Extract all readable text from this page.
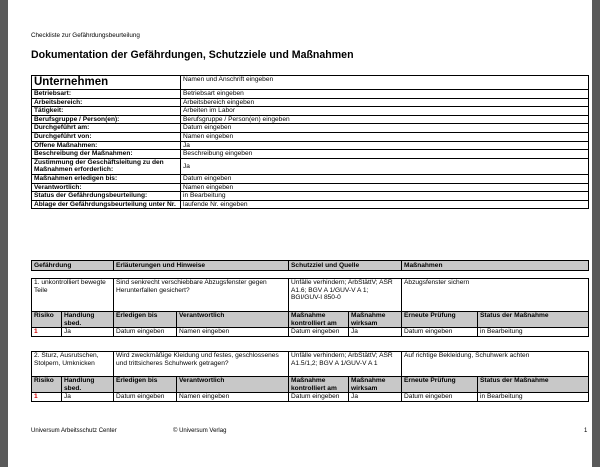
Checkliste zur Gefährdungsbeurteilung
Dokumentation der Gefährdungen, Schutzziele und Maßnahmen
Unternehmen	Namen und Anschrift eingeben
Betriebsart:	Betriebsart eingeben
Arbeitsbereich:	Arbeitsbereich eingeben
Tätigkeit:	Arbeiten im Labor
Berufsgruppe / Person(en):	Berufsgruppe / Person(en) eingeben
Durchgeführt am:	Datum eingeben
Durchgeführt von:	Namen eingeben
Offene Maßnahmen:	Ja
Beschreibung der Maßnahmen:	Beschreibung eingeben
Zustimmung der Geschäftsleitung zu den Maßnahmen erforderlich:	Ja
Maßnahmen erledigen bis:	Datum eingeben
Verantwortlich:	Namen eingeben
Status der Gefährdungsbeurteilung:	in Bearbeitung
Ablage der Gefährdungsbeurteilung unter Nr.	laufende Nr. eingeben
Gefährdung	Erläuterungen und Hinweise	Schutzziel und Quelle	Maßnahmen
1. unkontrolliert bewegte Teile		Sind senkrecht verschiebbare Abzugsfenster gegen Herunterfallen gesichert?		Unfälle verhindern; ArbStättV; ASR A1.6; BGV A 1/GUV-V A 1; BGI/GUV-I 850-0		Abzugsfenster sichern	
Risiko	Handlung sbed.	Erledigen bis	Verantwortlich	Maßnahme kontrolliert am	Maßnahme wirksam	Erneute Prüfung	Status der Maßnahme
1	Ja	Datum eingeben	Namen eingeben	Datum eingeben	Ja	Datum eingeben	in Bearbeitung
2. Sturz, Ausrutschen, Stolpern, Umknicken		Wird zweckmäßige Kleidung und festes, geschlossenes und trittsicheres Schuhwerk getragen?		Unfälle verhindern; ArbStättV; ASR A1.5/1,2; BGV A 1/GUV-V A 1		Auf richtige Bekleidung, Schuhwerk achten	
Risiko	Handlung sbed.	Erledigen bis	Verantwortlich	Maßnahme kontrolliert am	Maßnahme wirksam	Erneute Prüfung	Status der Maßnahme
1	Ja	Datum eingeben	Namen eingeben	Datum eingeben	Ja	Datum eingeben	in Bearbeitung
Universum Arbeitsschutz Center	© Universum Verlag	1
